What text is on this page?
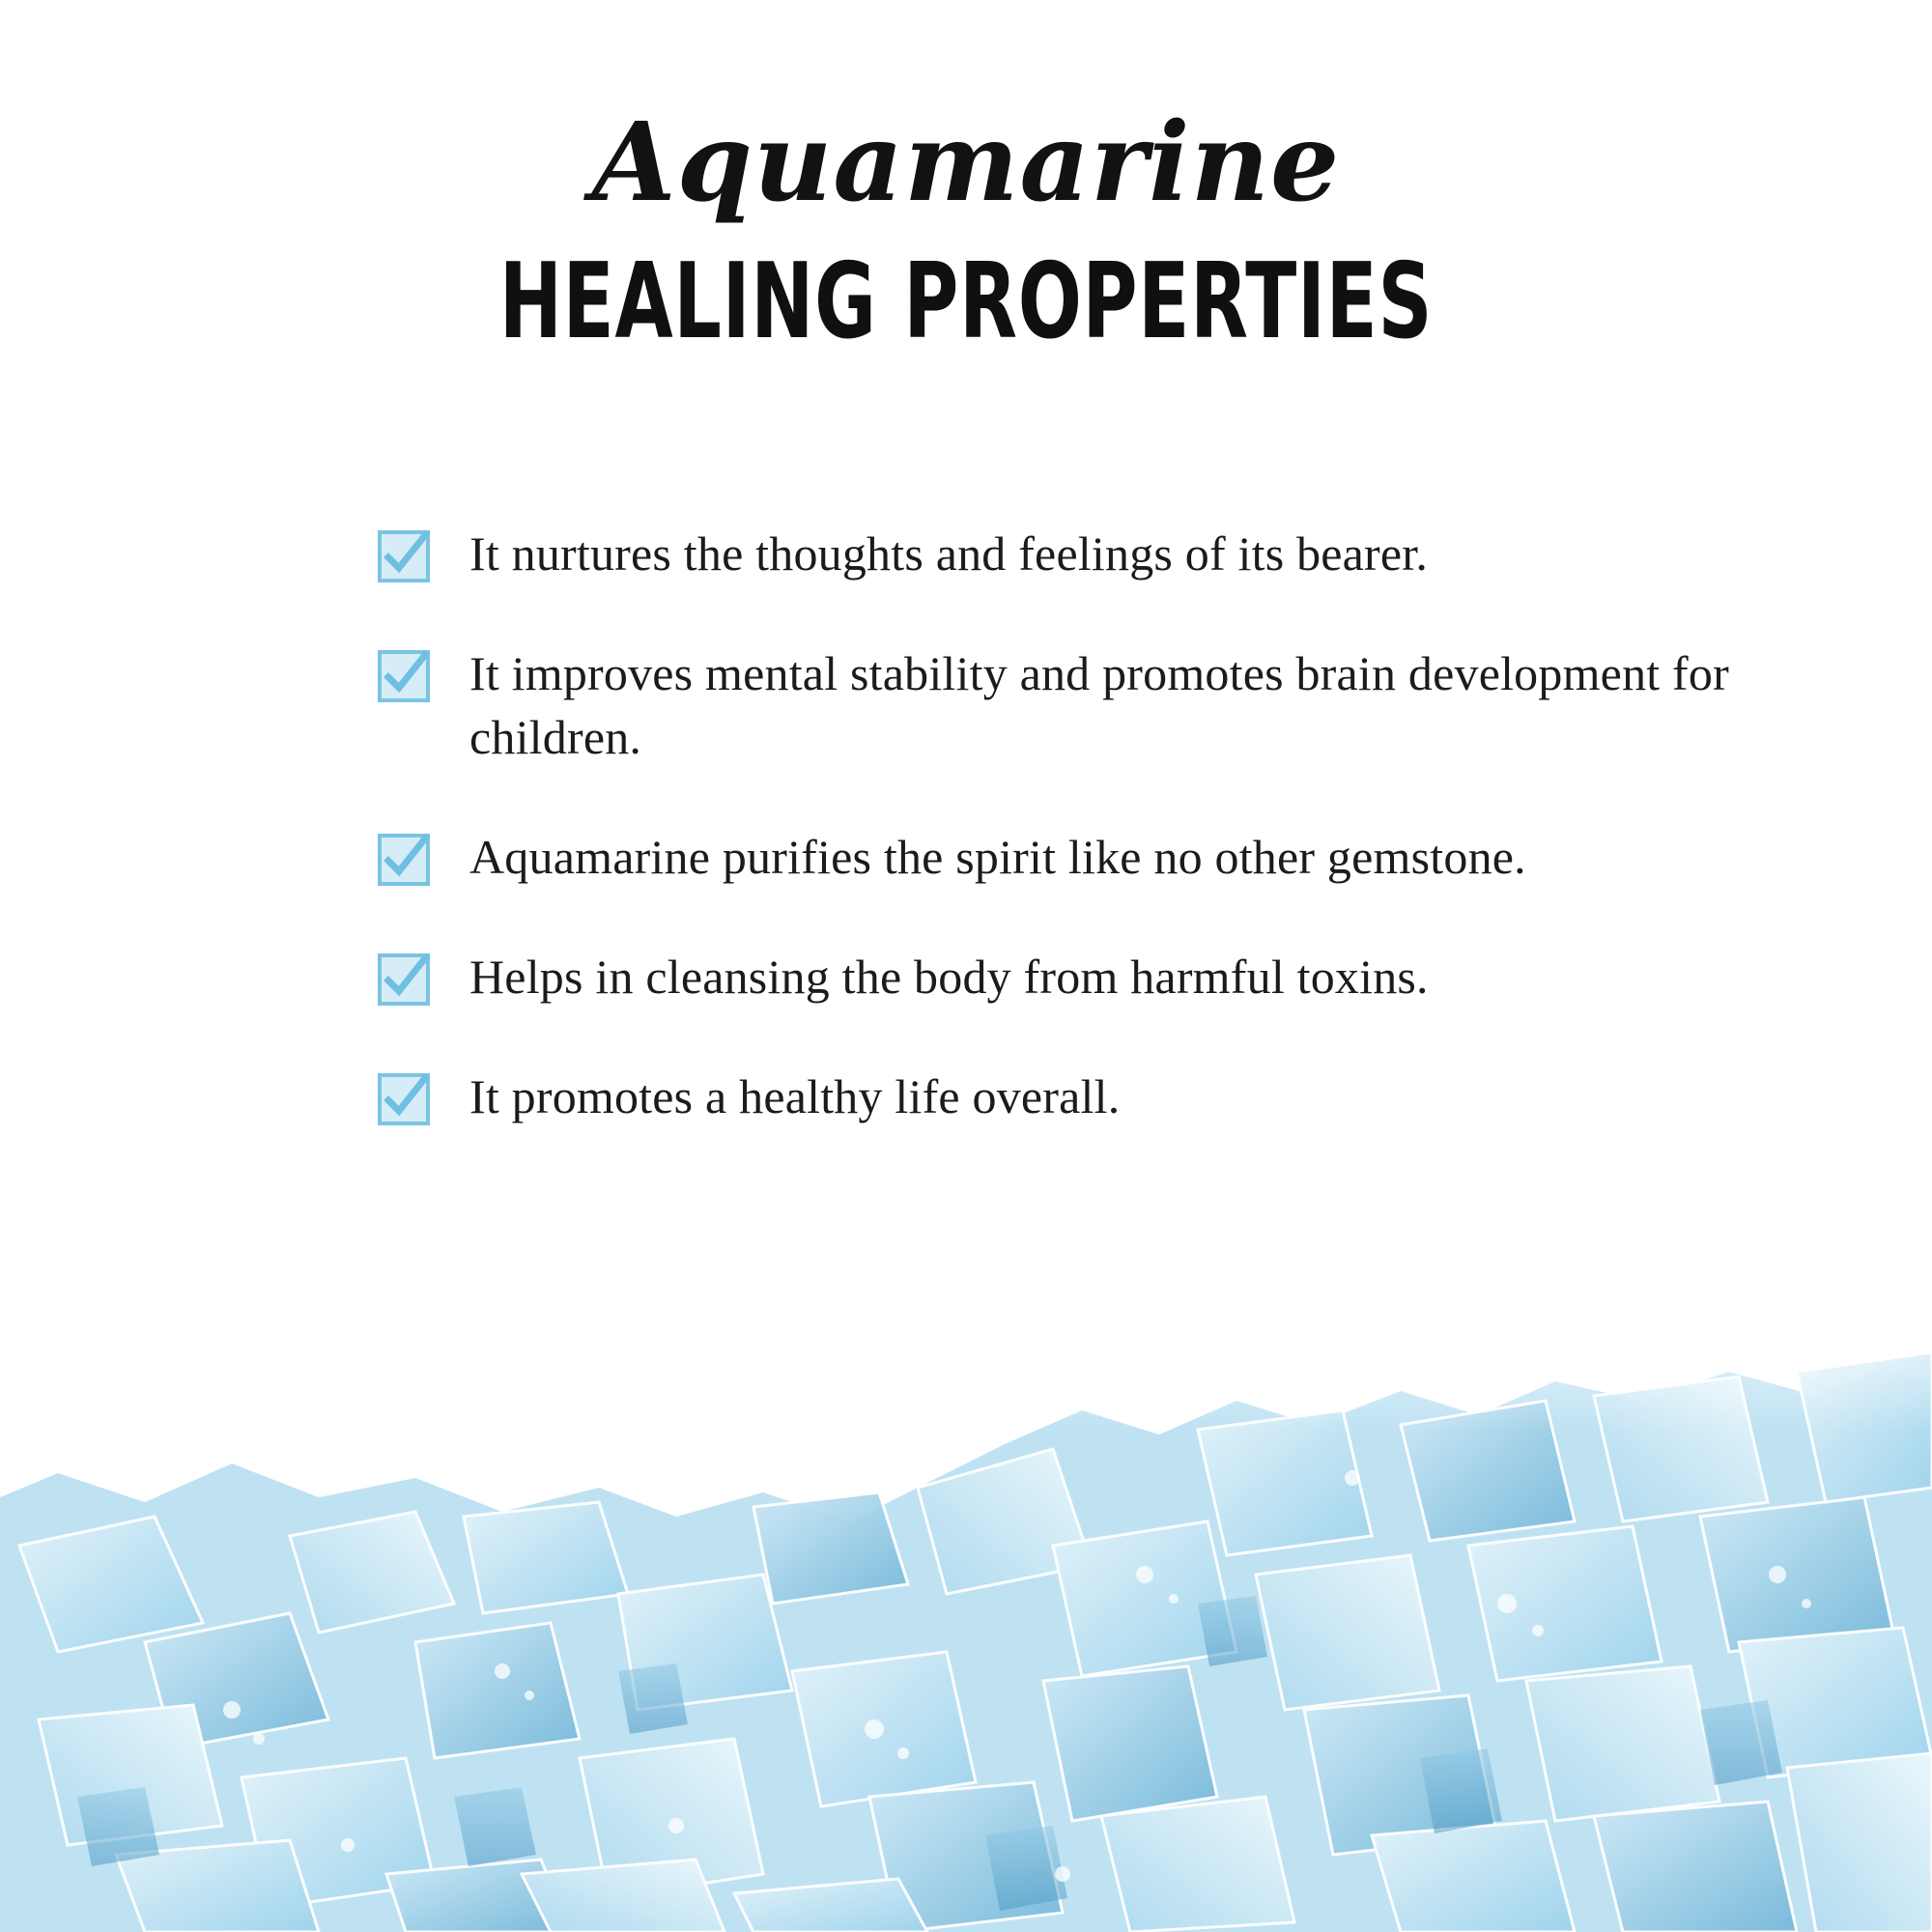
Aquamarine
HEALING PROPERTIES
It nurtures the thoughts and feelings of its bearer.
It improves mental stability and promotes brain development for children.
Aquamarine purifies the spirit like no other gemstone.
Helps in cleansing the body from harmful toxins.
It promotes a healthy life overall.
